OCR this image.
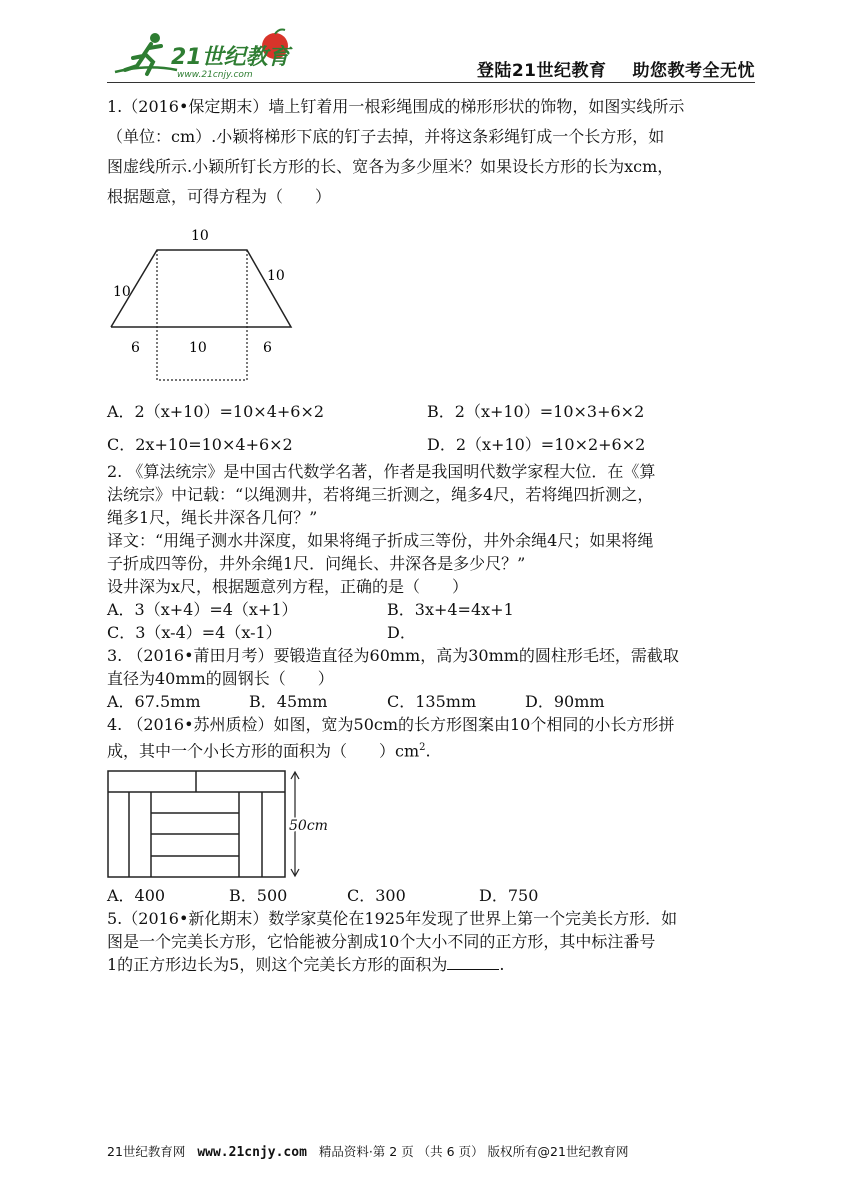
21世纪教育
www.21cnjy.com	登陆21世纪教育 助您教考全无忧

1.（2016•保定期末）墙上钉着用一根彩绳围成的梯形形状的饰物，如图实线所示

（单位：cm）.小颖将梯形下底的钉子去掉，并将这条彩绳钉成一个长方形，如

图虚线所示.小颖所钉长方形的长、宽各为多少厘米？如果设长方形的长为xcm，

根据题意，可得方程为（　　）

10
10
10
6	10	6
A．2（x+10）=10×4+6×2	B．2（x+10）=10×3+6×2
C．2x+10=10×4+6×2	D．2（x+10）=10×2+6×2

2. 《算法统宗》是中国古代数学名著，作者是我国明代数学家程大位．在《算

法统宗》中记载：“以绳测井，若将绳三折测之，绳多4尺，若将绳四折测之，

绳多1尺，绳长井深各几何？”

译文：“用绳子测水井深度，如果将绳子折成三等份，井外余绳4尺；如果将绳

子折成四等份，井外余绳1尺．问绳长、井深各是多少尺？”

设井深为x尺，根据题意列方程，正确的是（　　）

A．3（x+4）=4（x+1）	B．3x+4=4x+1

C．3（x-4）=4（x-1）	D．

3. （2016•莆田月考）要锻造直径为60mm，高为30mm的圆柱形毛坯，需截取

直径为40mm的圆钢长（　　）

A．67.5mm	B．45mm	C．135mm	D．90mm

4. （2016•苏州质检）如图，宽为50cm的长方形图案由10个相同的小长方形拼

成，其中一个小长方形的面积为（　　）$cm^2$.

50cm

A．400	B．500	C．300	D．750

5.（2016•新化期末）数学家莫伦在1925年发现了世界上第一个完美长方形．如

图是一个完美长方形，它恰能被分割成10个大小不同的正方形，其中标注番号

1的正方形边长为5，则这个完美长方形的面积为	.

21世纪教育网 www.21cnjy.com 精品资料·第 2 页 （共 6 页） 版权所有@21世纪教育网
